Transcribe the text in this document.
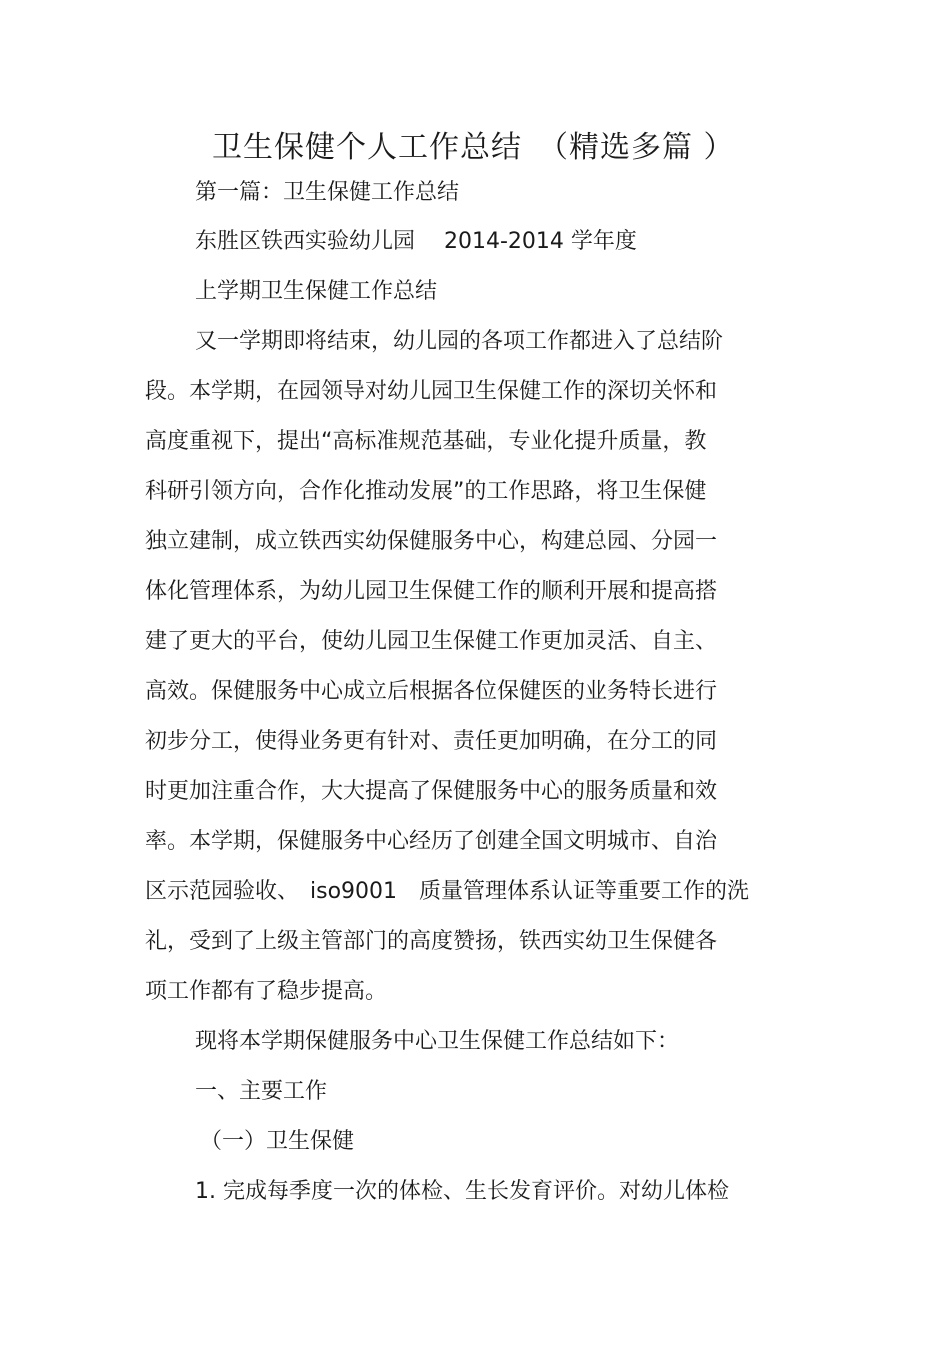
卫生保健个人工作总结　（精选多篇 ）

第一篇：卫生保健工作总结

东胜区铁西实验幼儿园　 2014-2014 学年度

上学期卫生保健工作总结

又一学期即将结束，幼儿园的各项工作都进入了总结阶

段。本学期，在园领导对幼儿园卫生保健工作的深切关怀和

高度重视下，提出“高标准规范基础，专业化提升质量，教

科研引领方向，合作化推动发展”的工作思路，将卫生保健

独立建制，成立铁西实幼保健服务中心，构建总园、分园一

体化管理体系，为幼儿园卫生保健工作的顺利开展和提高搭

建了更大的平台，使幼儿园卫生保健工作更加灵活、自主、

高效。保健服务中心成立后根据各位保健医的业务特长进行

初步分工，使得业务更有针对、责任更加明确，在分工的同

时更加注重合作，大大提高了保健服务中心的服务质量和效

率。本学期，保健服务中心经历了创建全国文明城市、自治

区示范园验收、　iso9001　质量管理体系认证等重要工作的洗

礼，受到了上级主管部门的高度赞扬，铁西实幼卫生保健各

项工作都有了稳步提高。

现将本学期保健服务中心卫生保健工作总结如下：

一、主要工作

（一）卫生保健

1. 完成每季度一次的体检、生长发育评价。对幼儿体检
